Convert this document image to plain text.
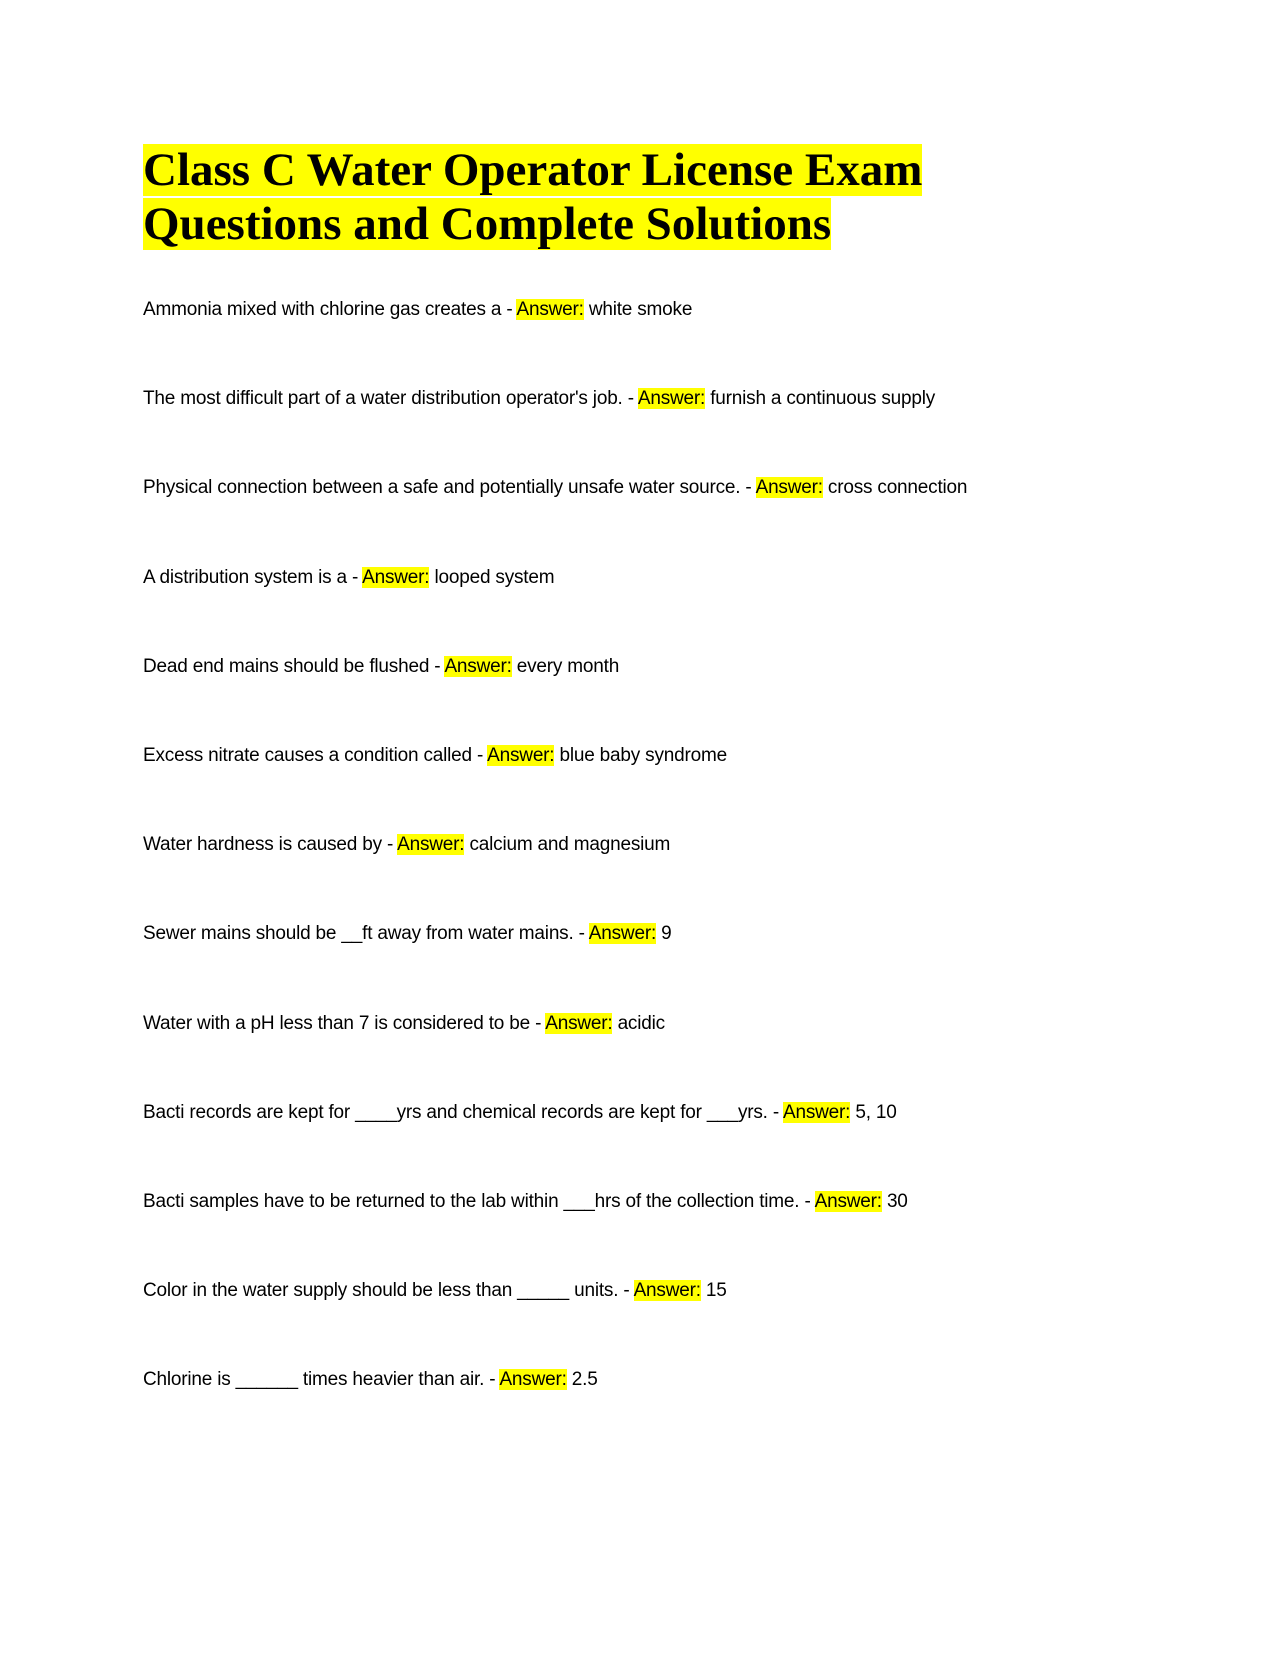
Class C Water Operator License Exam
Questions and Complete Solutions

Ammonia mixed with chlorine gas creates a - Answer: white smoke

The most difficult part of a water distribution operator's job. - Answer: furnish a continuous supply

Physical connection between a safe and potentially unsafe water source. - Answer: cross connection

A distribution system is a - Answer: looped system

Dead end mains should be flushed - Answer: every month

Excess nitrate causes a condition called - Answer: blue baby syndrome

Water hardness is caused by - Answer: calcium and magnesium

Sewer mains should be __ft away from water mains. - Answer: 9

Water with a pH less than 7 is considered to be - Answer: acidic

Bacti records are kept for ____yrs and chemical records are kept for ___yrs. - Answer: 5, 10

Bacti samples have to be returned to the lab within ___hrs of the collection time. - Answer: 30

Color in the water supply should be less than _____ units. - Answer: 15

Chlorine is ______ times heavier than air. - Answer: 2.5
